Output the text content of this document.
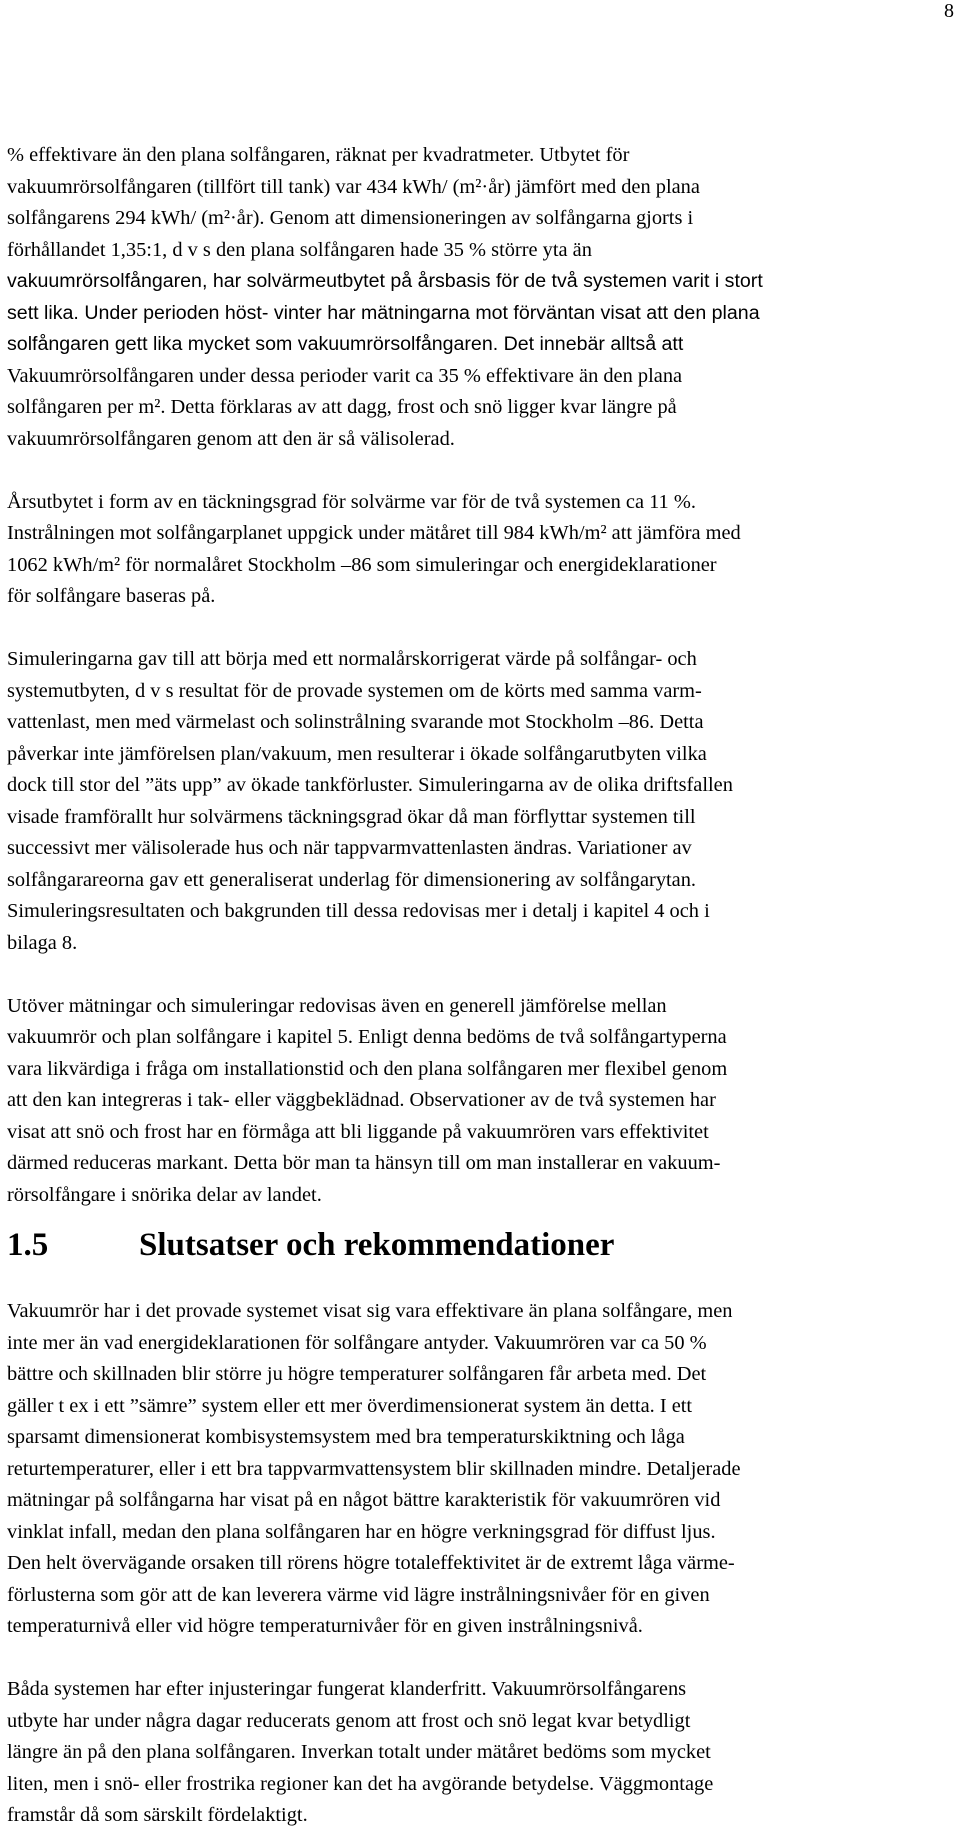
8
% effektivare än den plana solfångaren, räknat per kvadratmeter. Utbytet för
vakuumrörsolfångaren (tillfört till tank) var 434 kWh/ (m²·år) jämfört med den plana
solfångarens 294 kWh/ (m²·år). Genom att dimensioneringen av solfångarna gjorts i
förhållandet 1,35:1, d v s den plana solfångaren hade 35 % större yta än
vakuumrörsolfångaren, har solvärmeutbytet på årsbasis för de två systemen varit i stort
sett lika. Under perioden höst- vinter har mätningarna mot förväntan visat att den plana
solfångaren gett lika mycket som vakuumrörsolfångaren. Det innebär alltså att
Vakuumrörsolfångaren under dessa perioder varit ca 35 % effektivare än den plana
solfångaren per m². Detta förklaras av att dagg, frost och snö ligger kvar längre på
vakuumrörsolfångaren genom att den är så välisolerad.
Årsutbytet i form av en täckningsgrad för solvärme var för de två systemen ca 11 %.
Instrålningen mot solfångarplanet uppgick under mätåret till 984 kWh/m² att jämföra med
1062 kWh/m² för normalåret Stockholm –86 som simuleringar och energideklarationer
för solfångare baseras på.
Simuleringarna gav till att börja med ett normalårskorrigerat värde på solfångar- och
systemutbyten, d v s resultat för de provade systemen om de körts med samma varm-
vattenlast, men med värmelast och solinstrålning svarande mot Stockholm –86. Detta
påverkar inte jämförelsen plan/vakuum, men resulterar i ökade solfångarutbyten vilka
dock till stor del ”äts upp” av ökade tankförluster. Simuleringarna av de olika driftsfallen
visade framförallt hur solvärmens täckningsgrad ökar då man förflyttar systemen till
successivt mer välisolerade hus och när tappvarmvattenlasten ändras. Variationer av
solfångarareorna gav ett generaliserat underlag för dimensionering av solfångarytan.
Simuleringsresultaten och bakgrunden till dessa redovisas mer i detalj i kapitel 4 och i
bilaga 8.
Utöver mätningar och simuleringar redovisas även en generell jämförelse mellan
vakuumrör och plan solfångare i kapitel 5. Enligt denna bedöms de två solfångartyperna
vara likvärdiga i fråga om installationstid och den plana solfångaren mer flexibel genom
att den kan integreras i tak- eller väggbeklädnad. Observationer av de två systemen har
visat att snö och frost har en förmåga att bli liggande på vakuumrören vars effektivitet
därmed reduceras markant. Detta bör man ta hänsyn till om man installerar en vakuum-
rörsolfångare i snörika delar av landet.
1.5	Slutsatser och rekommendationer
Vakuumrör har i det provade systemet visat sig vara effektivare än plana solfångare, men
inte mer än vad energideklarationen för solfångare antyder. Vakuumrören var ca 50 %
bättre och skillnaden blir större ju högre temperaturer solfångaren får arbeta med. Det
gäller t ex i ett ”sämre” system eller ett mer överdimensionerat system än detta. I ett
sparsamt dimensionerat kombisystemsystem med bra temperaturskiktning och låga
returtemperaturer, eller i ett bra tappvarmvattensystem blir skillnaden mindre. Detaljerade
mätningar på solfångarna har visat på en något bättre karakteristik för vakuumrören vid
vinklat infall, medan den plana solfångaren har en högre verkningsgrad för diffust ljus.
Den helt övervägande orsaken till rörens högre totaleffektivitet är de extremt låga värme-
förlusterna som gör att de kan leverera värme vid lägre instrålningsnivåer för en given
temperaturnivå eller vid högre temperaturnivåer för en given instrålningsnivå.
Båda systemen har efter injusteringar fungerat klanderfritt. Vakuumrörsolfångarens
utbyte har under några dagar reducerats genom att frost och snö legat kvar betydligt
längre än på den plana solfångaren. Inverkan totalt under mätåret bedöms som mycket
liten, men i snö- eller frostrika regioner kan det ha avgörande betydelse. Väggmontage
framstår då som särskilt fördelaktigt.
